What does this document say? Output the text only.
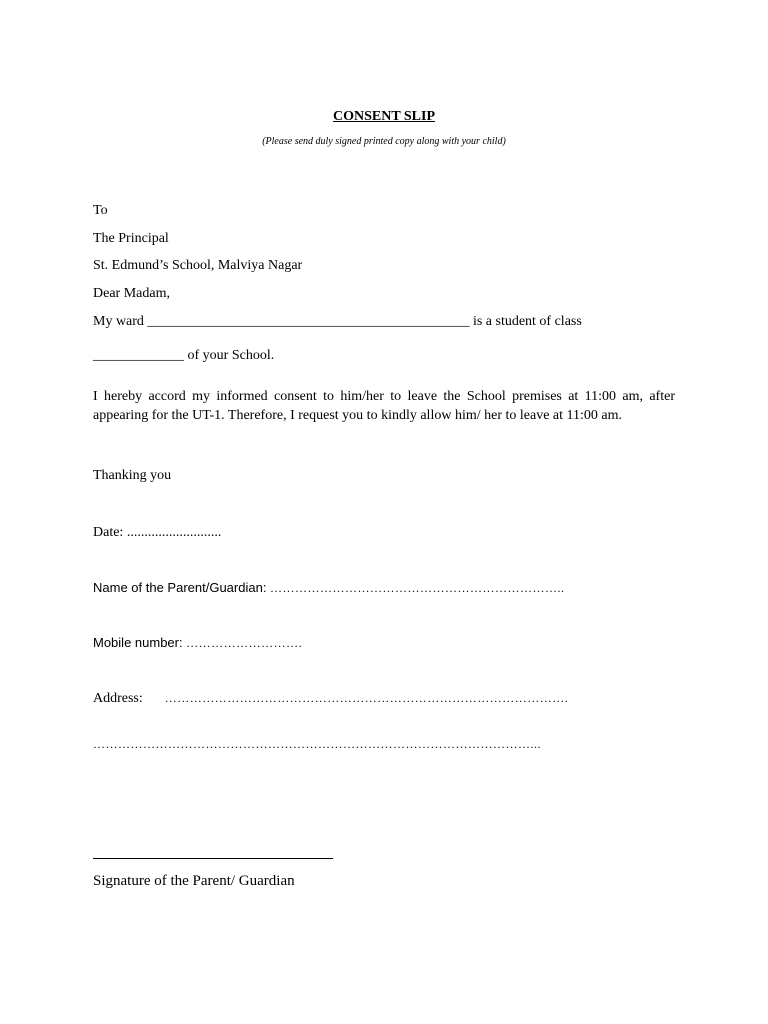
CONSENT SLIP
(Please send duly signed printed copy along with your child)
To
The Principal
St. Edmund’s School, Malviya Nagar
Dear Madam,
My ward ______________________________________________ is a student of class
_____________ of your School.
I hereby accord my informed consent to him/her to leave the School premises at 11:00 am, after appearing for the UT-1. Therefore, I request you to kindly allow him/ her to leave at 11:00 am.
Thanking you
Date: ...........................
Name of the Parent/Guardian: ……………………………………………………………..
Mobile number: ……………………….
Address: …………………………………………………………………………………….
……………………………………………………………………………………………...
Signature of the Parent/ Guardian
